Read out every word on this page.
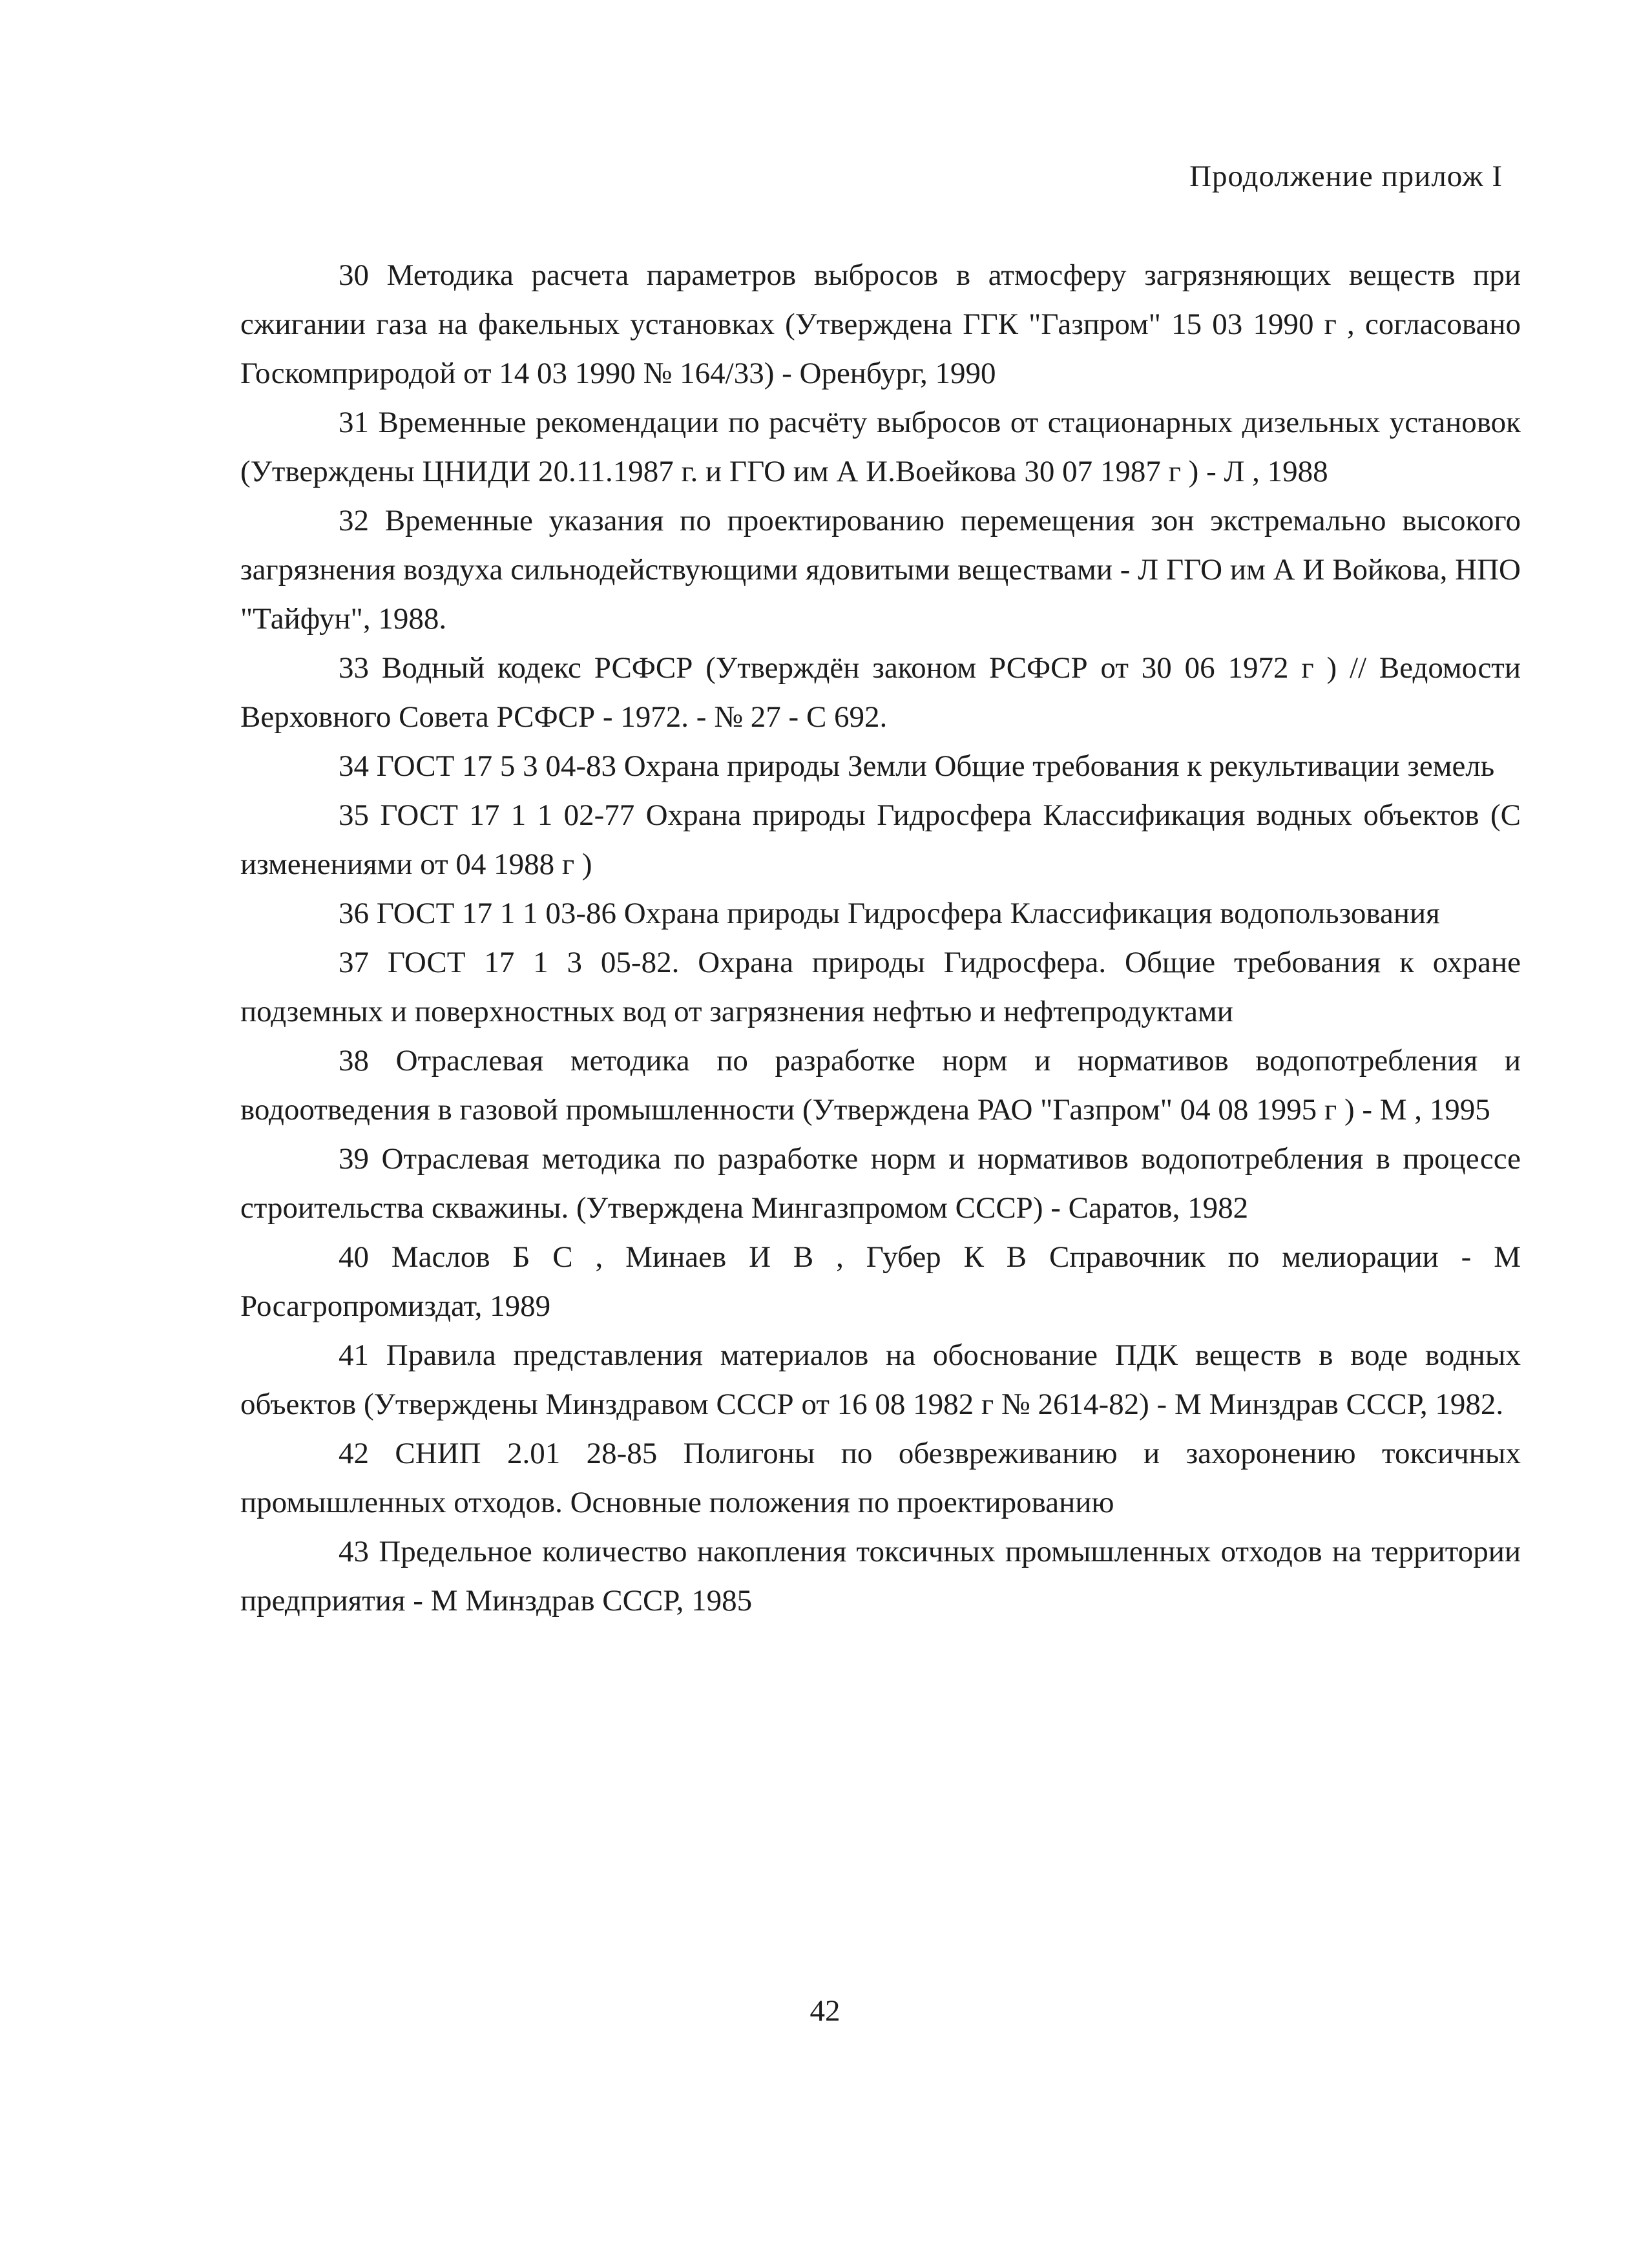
Продолжение прилож I

30 Методика расчета параметров выбросов в атмосферу загрязняющих веществ при сжигании газа на факельных установках (Утверждена ГГК "Газпром" 15 03 1990 г , согласовано Госкомприродой от 14 03 1990 № 164/33) - Оренбург, 1990

31 Временные рекомендации по расчёту выбросов от стационарных дизельных установок (Утверждены ЦНИДИ 20.11.1987 г. и ГГО им А И.Воейкова 30 07 1987 г ) - Л , 1988

32 Временные указания по проектированию перемещения зон экстремально высокого загрязнения воздуха сильнодействующими ядовитыми веществами - Л ГГО им А И Войкова, НПО "Тайфун", 1988.

33 Водный кодекс РСФСР (Утверждён законом РСФСР от 30 06 1972 г ) // Ведомости Верховного Совета РСФСР - 1972. - № 27 - С 692.

34 ГОСТ 17 5 3 04-83 Охрана природы Земли Общие требования к рекультивации земель

35 ГОСТ 17 1 1 02-77 Охрана природы Гидросфера Классификация водных объектов (С изменениями от 04 1988 г )

36 ГОСТ 17 1 1 03-86 Охрана природы Гидросфера Классификация водопользования

37 ГОСТ 17 1 3 05-82. Охрана природы Гидросфера. Общие требования к охране подземных и поверхностных вод от загрязнения нефтью и нефтепродуктами

38 Отраслевая методика по разработке норм и нормативов водопотребления и водоотведения в газовой промышленности (Утверждена РАО "Газпром" 04 08 1995 г ) - М , 1995

39 Отраслевая методика по разработке норм и нормативов водопотребления в процессе строительства скважины. (Утверждена Мингазпромом СССР) - Саратов, 1982

40 Маслов Б С , Минаев И В , Губер К В Справочник по мелиорации - М Росагропромиздат, 1989

41 Правила представления материалов на обоснование ПДК веществ в воде водных объектов (Утверждены Минздравом СССР от 16 08 1982 г № 2614-82) - М Минздрав СССР, 1982.

42 СНИП 2.01 28-85 Полигоны по обезвреживанию и захоронению токсичных промышленных отходов. Основные положения по проектированию

43 Предельное количество накопления токсичных промышленных отходов на территории предприятия - М Минздрав СССР, 1985

42
